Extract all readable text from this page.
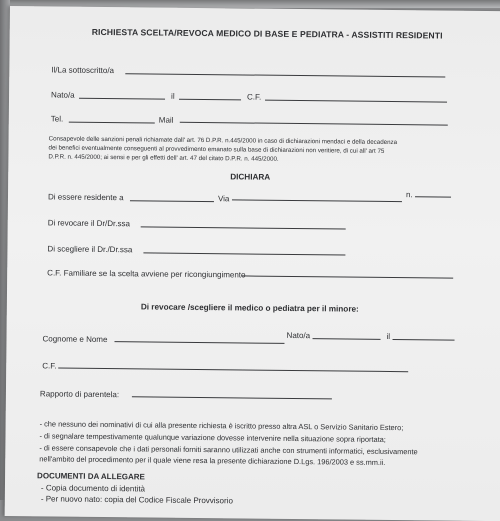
RICHIESTA SCELTA/REVOCA MEDICO DI BASE E PEDIATRA - ASSISTITI RESIDENTI
Il/La sottoscritto/a
Nato/a	il	C.F.
Tel.	Mail
Consapevole delle sanzioni penali richiamate dall' art. 76 D.P.R. n.445/2000 in caso di dichiarazioni mendaci e della decadenza
dei benefici eventualmente conseguenti al provvedimento emanato sulla base di dichiarazioni non veritiere, di cui all' art 75
D.P.R. n. 445/2000; ai sensi e per gli effetti dell' art. 47 del citato D.P.R. n. 445/2000.
DICHIARA
Di essere residente a	Via	n.
Di revocare il Dr/Dr.ssa
Di scegliere il Dr./Dr.ssa
C.F. Familiare se la scelta avviene per ricongiungimento
Di revocare /scegliere il medico o pediatra per il minore:
Cognome e Nome	Nato/a	il
C.F.
Rapporto di parentela:
- che nessuno dei nominativi di cui alla presente richiesta è iscritto presso altra ASL o Servizio Sanitario Estero;
- di segnalare tempestivamente qualunque variazione dovesse intervenire nella situazione sopra riportata;
- di essere consapevole che i dati personali forniti saranno utilizzati anche con strumenti informatici, esclusivamente
nell'ambito del procedimento per il quale viene resa la presente dichiarazione D.Lgs. 196/2003 e ss.mm.ii.
DOCUMENTI DA ALLEGARE
- Copia documento di identità
- Per nuovo nato: copia del Codice Fiscale Provvisorio
